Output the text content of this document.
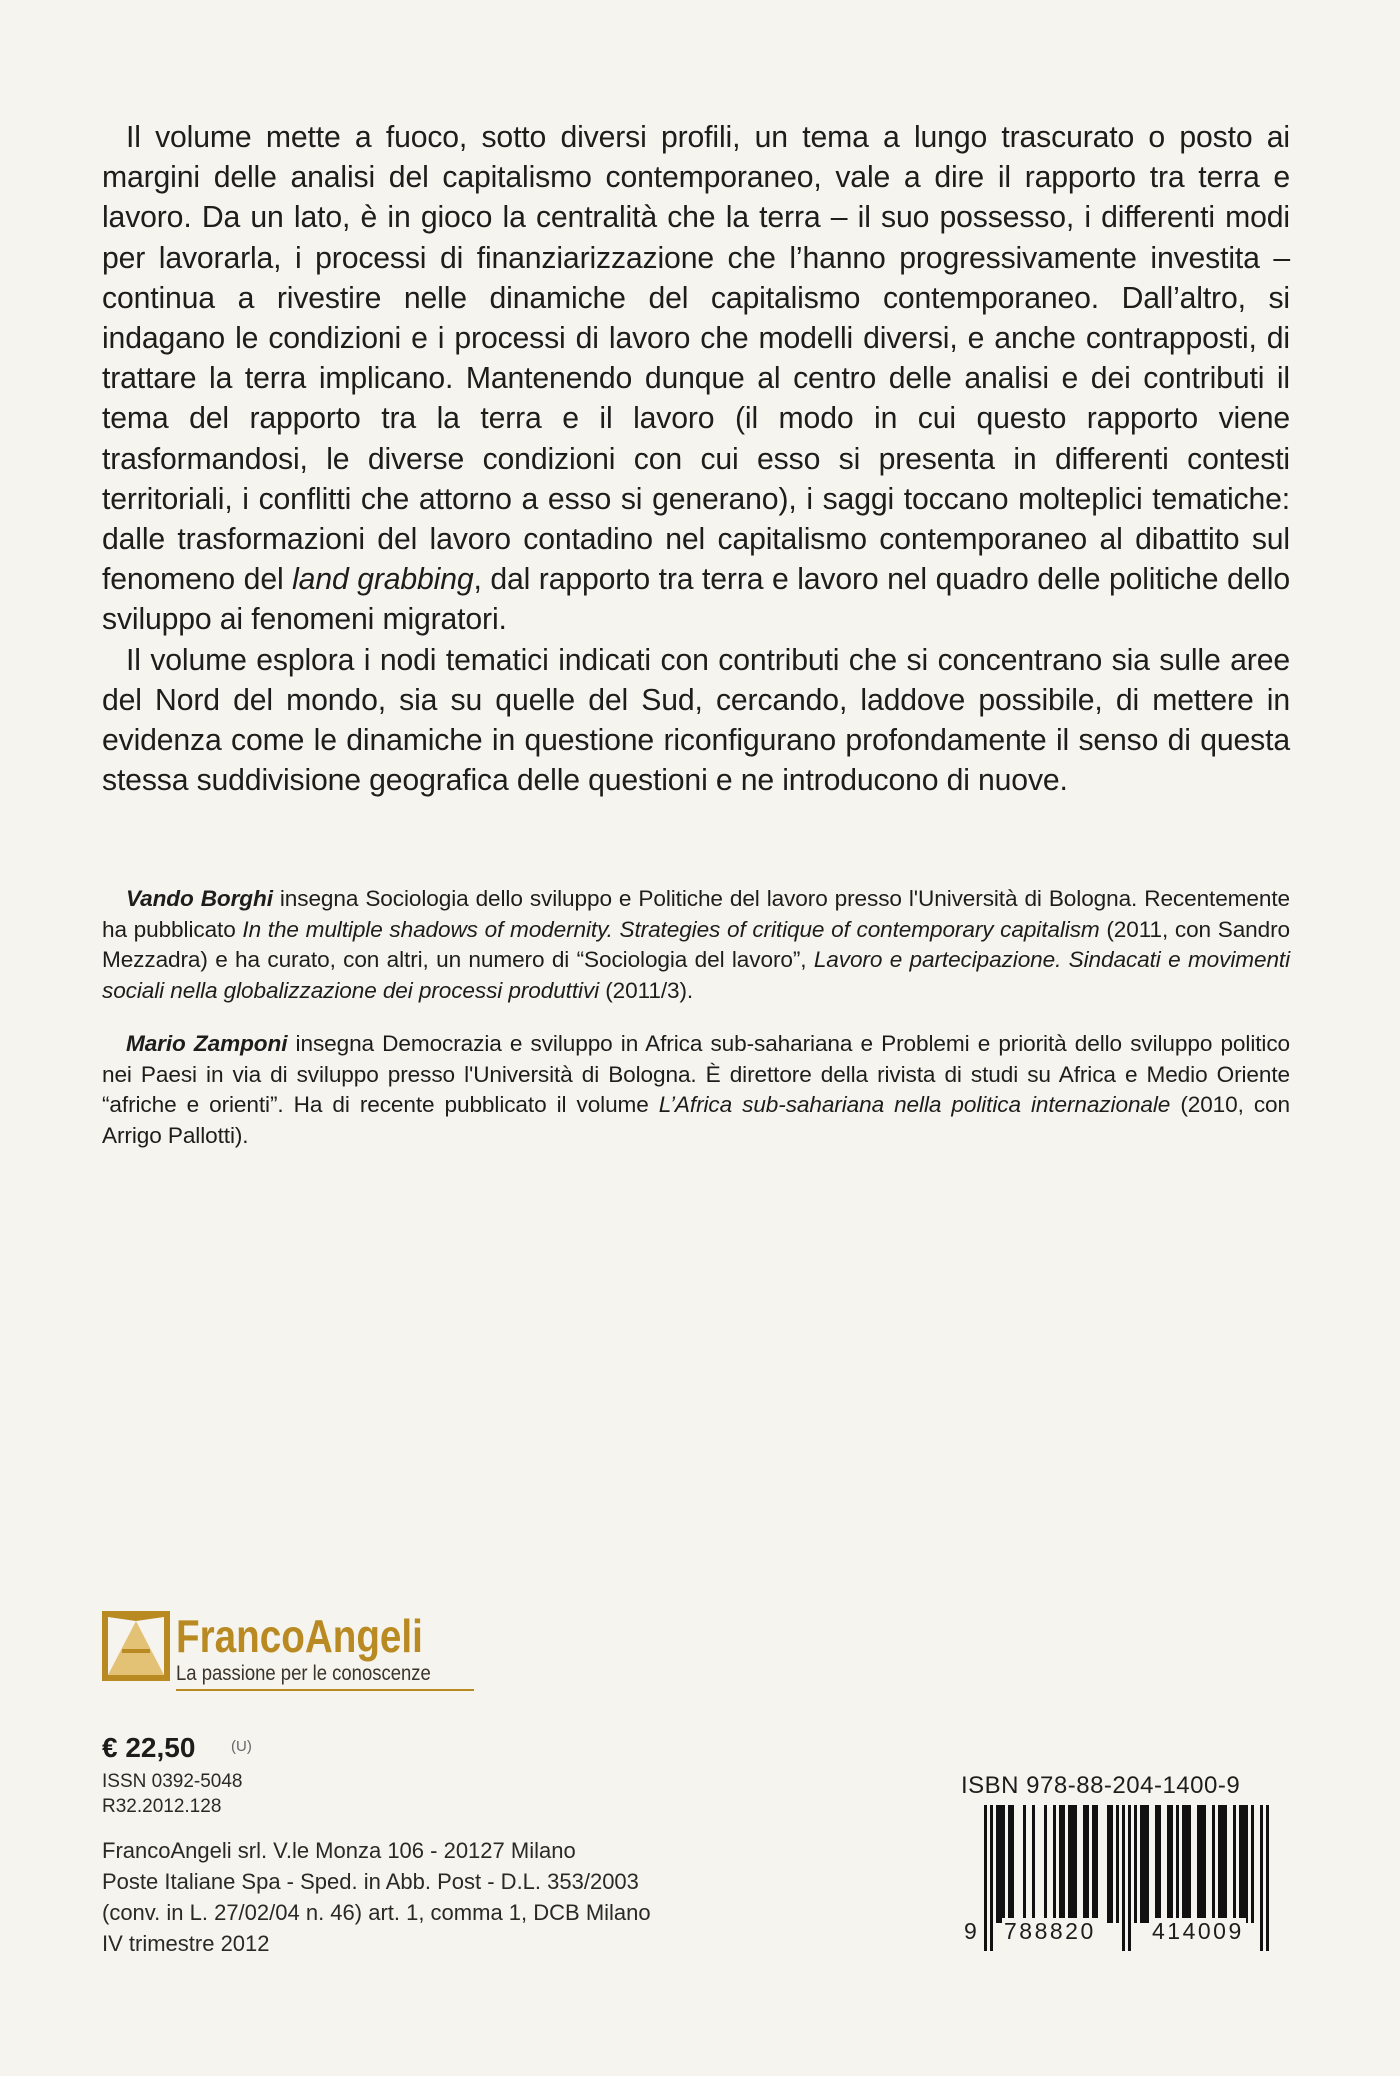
Il volume mette a fuoco, sotto diversi profili, un tema a lungo trascurato o posto ai margini delle analisi del capitalismo contemporaneo, vale a dire il rapporto tra terra e lavoro. Da un lato, è in gioco la centralità che la terra – il suo possesso, i differenti modi per lavorarla, i processi di finanziarizzazione che l’hanno progressivamente investita – continua a rivestire nelle dinamiche del capitalismo contemporaneo. Dall’altro, si indagano le condizioni e i processi di lavoro che modelli diversi, e anche contrapposti, di trattare la terra implicano. Mantenendo dunque al centro delle analisi e dei contributi il tema del rapporto tra la terra e il lavoro (il modo in cui questo rapporto viene trasformandosi, le diverse condizioni con cui esso si presenta in differenti contesti territoriali, i conflitti che attorno a esso si generano), i saggi toccano molteplici tematiche: dalle trasformazioni del lavoro contadino nel capitalismo contemporaneo al dibattito sul fenomeno del land grabbing, dal rapporto tra terra e lavoro nel quadro delle politiche dello sviluppo ai fenomeni migratori.

Il volume esplora i nodi tematici indicati con contributi che si concentrano sia sulle aree del Nord del mondo, sia su quelle del Sud, cercando, laddove possibile, di mettere in evidenza come le dinamiche in questione riconfigurano profondamente il senso di questa stessa suddivisione geografica delle questioni e ne introducono di nuove.

Vando Borghi insegna Sociologia dello sviluppo e Politiche del lavoro presso l'Università di Bologna. Recentemente ha pubblicato In the multiple shadows of modernity. Strategies of critique of contemporary capitalism (2011, con Sandro Mezzadra) e ha curato, con altri, un numero di “Sociologia del lavoro”, Lavoro e partecipazione. Sindacati e movimenti sociali nella globalizzazione dei processi produttivi (2011/3).

Mario Zamponi insegna Democrazia e sviluppo in Africa sub-sahariana e Problemi e priorità dello sviluppo politico nei Paesi in via di sviluppo presso l'Università di Bologna. È direttore della rivista di studi su Africa e Medio Oriente “afriche e orienti”. Ha di recente pubblicato il volume L’Africa sub-sahariana nella politica internazionale (2010, con Arrigo Pallotti).

FrancoAngeli
La passione per le conoscenze
€ 22,50 (U)
ISSN 0392-5048
R32.2012.128
FrancoAngeli srl. V.le Monza 106 - 20127 Milano
Poste Italiane Spa - Sped. in Abb. Post - D.L. 353/2003
(conv. in L. 27/02/04 n. 46) art. 1, comma 1, DCB Milano
IV trimestre 2012
ISBN 978-88-204-1400-9
9 788820 414009
